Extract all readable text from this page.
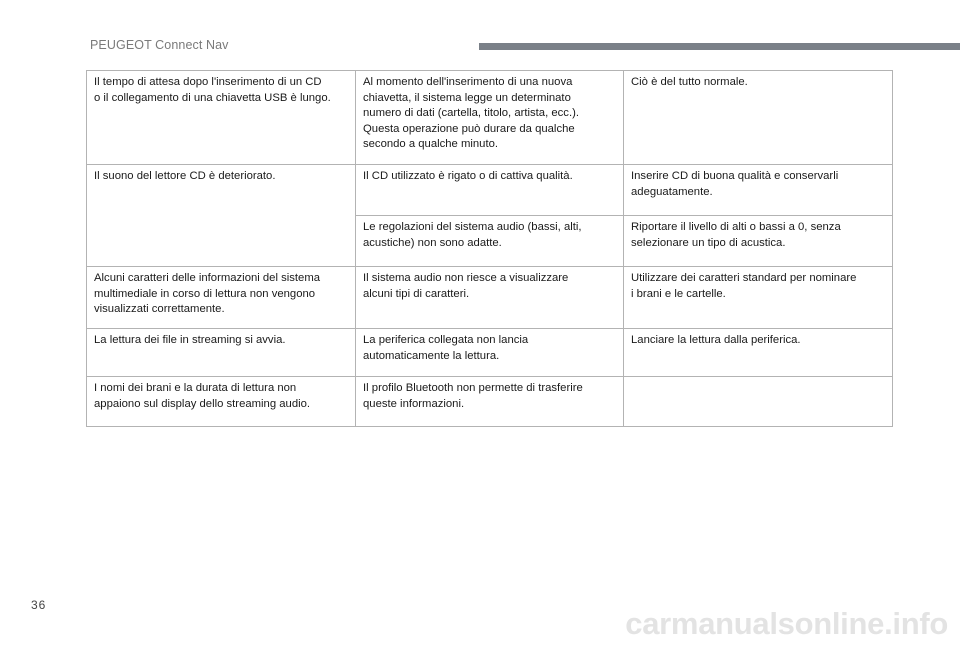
PEUGEOT Connect Nav
Il tempo di attesa dopo l'inserimento di un CD
o il collegamento di una chiavetta USB è lungo.	Al momento dell'inserimento di una nuova
chiavetta, il sistema legge un determinato
numero di dati (cartella, titolo, artista, ecc.).
Questa operazione può durare da qualche
secondo a qualche minuto.	Ciò è del tutto normale.
Il suono del lettore CD è deteriorato.	Il CD utilizzato è rigato o di cattiva qualità.	Inserire CD di buona qualità e conservarli
adeguatamente.
	Le regolazioni del sistema audio (bassi, alti,
acustiche) non sono adatte.	Riportare il livello di alti o bassi a 0, senza
selezionare un tipo di acustica.
Alcuni caratteri delle informazioni del sistema
multimediale in corso di lettura non vengono
visualizzati correttamente.	Il sistema audio non riesce a visualizzare
alcuni tipi di caratteri.	Utilizzare dei caratteri standard per nominare
i brani e le cartelle.
La lettura dei file in streaming si avvia.	La periferica collegata non lancia
automaticamente la lettura.	Lanciare la lettura dalla periferica.
I nomi dei brani e la durata di lettura non
appaiono sul display dello streaming audio.	Il profilo Bluetooth non permette di trasferire
queste informazioni.	
36
carmanualsonline.info
